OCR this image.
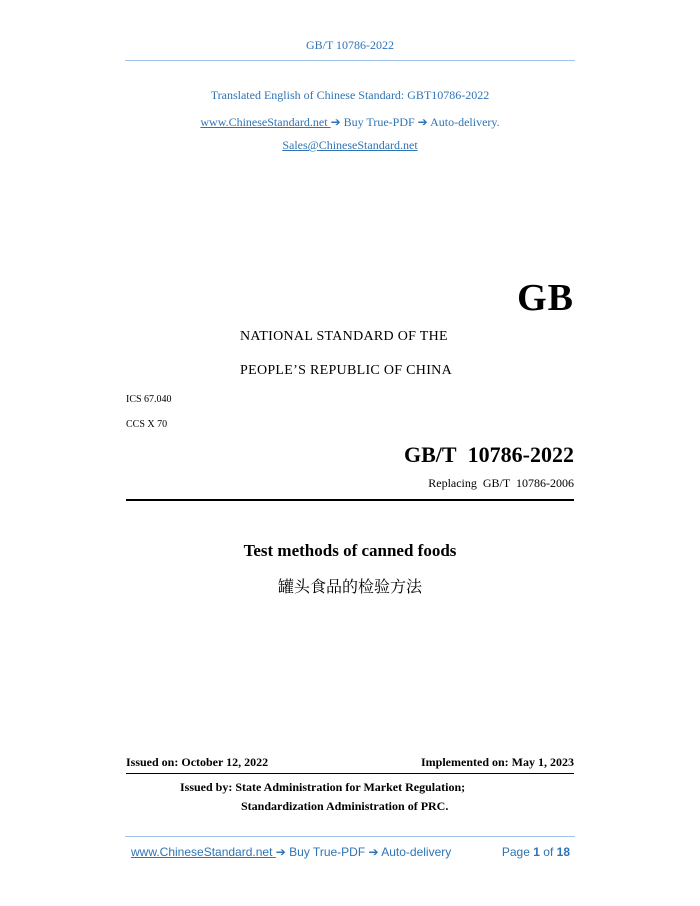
GB/T 10786-2022
Translated English of Chinese Standard: GBT10786-2022
www.ChineseStandard.net ➔ Buy True-PDF ➔ Auto-delivery.
Sales@ChineseStandard.net
GB
NATIONAL STANDARD OF THE
PEOPLE’S REPUBLIC OF CHINA
ICS 67.040
CCS X 70
GB/T 10786-2022
Replacing GB/T 10786-2006
Test methods of canned foods
罐头食品的检验方法
Issued on: October 12, 2022	Implemented on: May 1, 2023
Issued by: State Administration for Market Regulation;
Standardization Administration of PRC.
www.ChineseStandard.net ➔ Buy True-PDF ➔ Auto-delivery	Page 1 of 18
